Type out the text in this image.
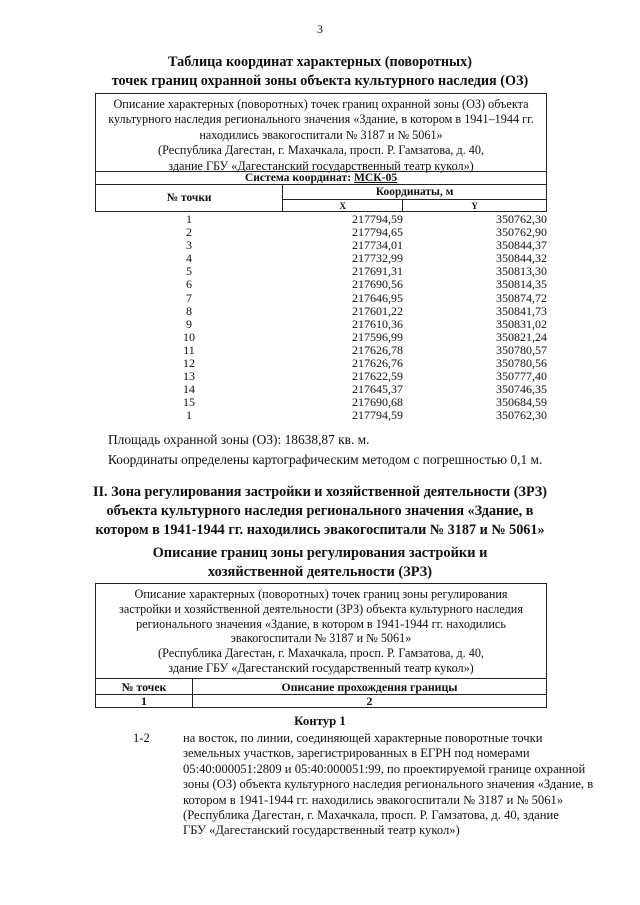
3
Таблица координат характерных (поворотных)
точек границ охранной зоны объекта культурного наследия (ОЗ)
Описание характерных (поворотных) точек границ охранной зоны (ОЗ) объекта
культурного наследия регионального значения «Здание, в котором в 1941–1944 гг.
находились эвакогоспитали № 3187 и № 5061»
(Республика Дагестан, г. Махачкала, просп. Р. Гамзатова, д. 40,
здание ГБУ «Дагестанский государственный театр кукол»)
Система координат: МСК-05		
№ точки	Координаты, м	
	X	Y
1	217794,59	350762,30
2	217794,65	350762,90
3	217734,01	350844,37
4	217732,99	350844,32
5	217691,31	350813,30
6	217690,56	350814,35
7	217646,95	350874,72
8	217601,22	350841,73
9	217610,36	350831,02
10	217596,99	350821,24
11	217626,78	350780,57
12	217626,76	350780,56
13	217622,59	350777,40
14	217645,37	350746,35
15	217690,68	350684,59
1	217794,59	350762,30
Площадь охранной зоны (ОЗ): 18638,87 кв. м.
Координаты определены картографическим методом с погрешностью 0,1 м.
II. Зона регулирования застройки и хозяйственной деятельности (ЗРЗ)
объекта культурного наследия регионального значения «Здание, в
котором в 1941-1944 гг. находились эвакогоспитали № 3187 и № 5061»
Описание границ зоны регулирования застройки и
хозяйственной деятельности (ЗРЗ)
Описание характерных (поворотных) точек границ зоны регулирования
застройки и хозяйственной деятельности (ЗРЗ) объекта культурного наследия
регионального значения «Здание, в котором в 1941-1944 гг. находились
эвакогоспитали № 3187 и № 5061»
(Республика Дагестан, г. Махачкала, просп. Р. Гамзатова, д. 40,
здание ГБУ «Дагестанский государственный театр кукол»)
№ точек	Описание прохождения границы
1	2
Контур 1
1-2	на восток, по линии, соединяющей характерные поворотные точки
земельных участков, зарегистрированных в ЕГРН под номерами
05:40:000051:2809 и 05:40:000051:99, по проектируемой границе охранной
зоны (ОЗ) объекта культурного наследия регионального значения «Здание, в
котором в 1941-1944 гг. находились эвакогоспитали № 3187 и № 5061»
(Республика Дагестан, г. Махачкала, просп. Р. Гамзатова, д. 40, здание
ГБУ «Дагестанский государственный театр кукол»)
